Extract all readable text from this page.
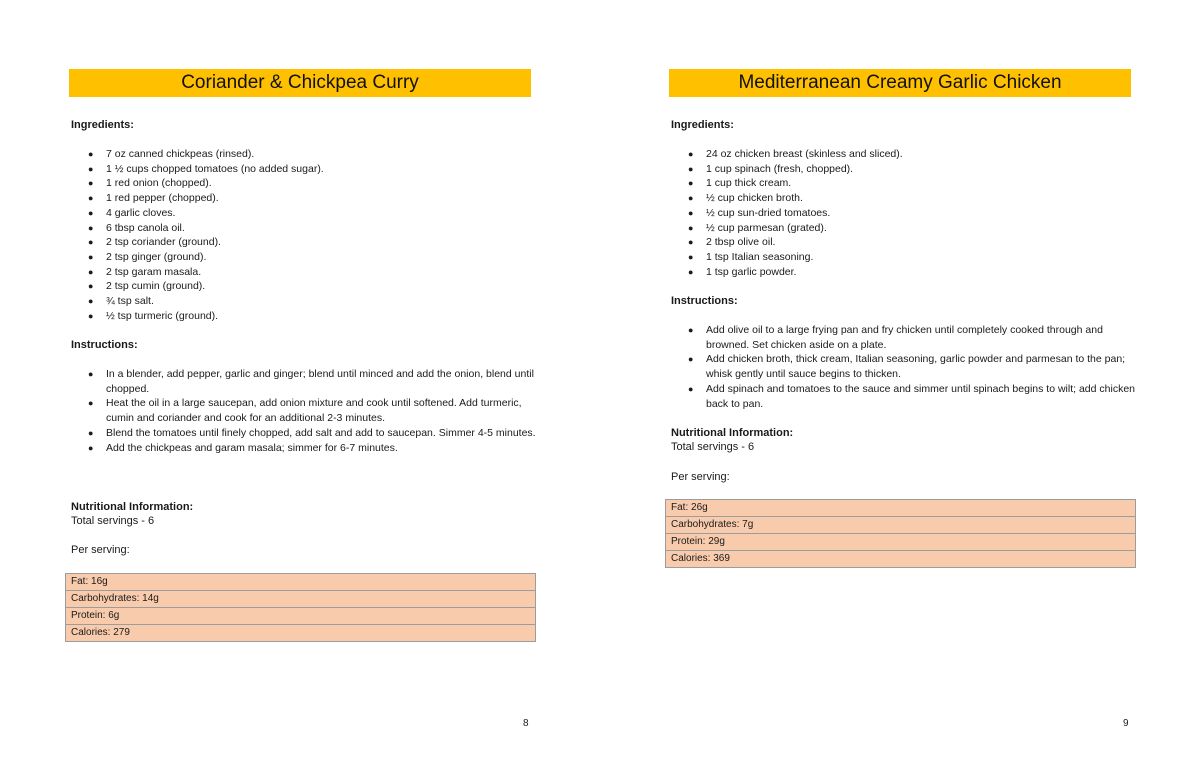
Coriander & Chickpea Curry
Ingredients:
● 7 oz canned chickpeas (rinsed).
● 1 ½ cups chopped tomatoes (no added sugar).
● 1 red onion (chopped).
● 1 red pepper (chopped).
● 4 garlic cloves.
● 6 tbsp canola oil.
● 2 tsp coriander (ground).
● 2 tsp ginger (ground).
● 2 tsp garam masala.
● 2 tsp cumin (ground).
● ¾ tsp salt.
● ½ tsp turmeric (ground).
Instructions:
● In a blender, add pepper, garlic and ginger; blend until minced and add the onion, blend until chopped.
● Heat the oil in a large saucepan, add onion mixture and cook until softened. Add turmeric, cumin and coriander and cook for an additional 2-3 minutes.
● Blend the tomatoes until finely chopped, add salt and add to saucepan. Simmer 4-5 minutes.
● Add the chickpeas and garam masala; simmer for 6-7 minutes.
Nutritional Information:
Total servings - 6
Per serving:
Fat: 16g
Carbohydrates: 14g
Protein: 6g
Calories: 279
8
Mediterranean Creamy Garlic Chicken
Ingredients:
● 24 oz chicken breast (skinless and sliced).
● 1 cup spinach (fresh, chopped).
● 1 cup thick cream.
● ½ cup chicken broth.
● ½ cup sun-dried tomatoes.
● ½ cup parmesan (grated).
● 2 tbsp olive oil.
● 1 tsp Italian seasoning.
● 1 tsp garlic powder.
Instructions:
● Add olive oil to a large frying pan and fry chicken until completely cooked through and browned. Set chicken aside on a plate.
● Add chicken broth, thick cream, Italian seasoning, garlic powder and parmesan to the pan; whisk gently until sauce begins to thicken.
● Add spinach and tomatoes to the sauce and simmer until spinach begins to wilt; add chicken back to pan.
Nutritional Information:
Total servings - 6
Per serving:
Fat: 26g
Carbohydrates: 7g
Protein: 29g
Calories: 369
9
